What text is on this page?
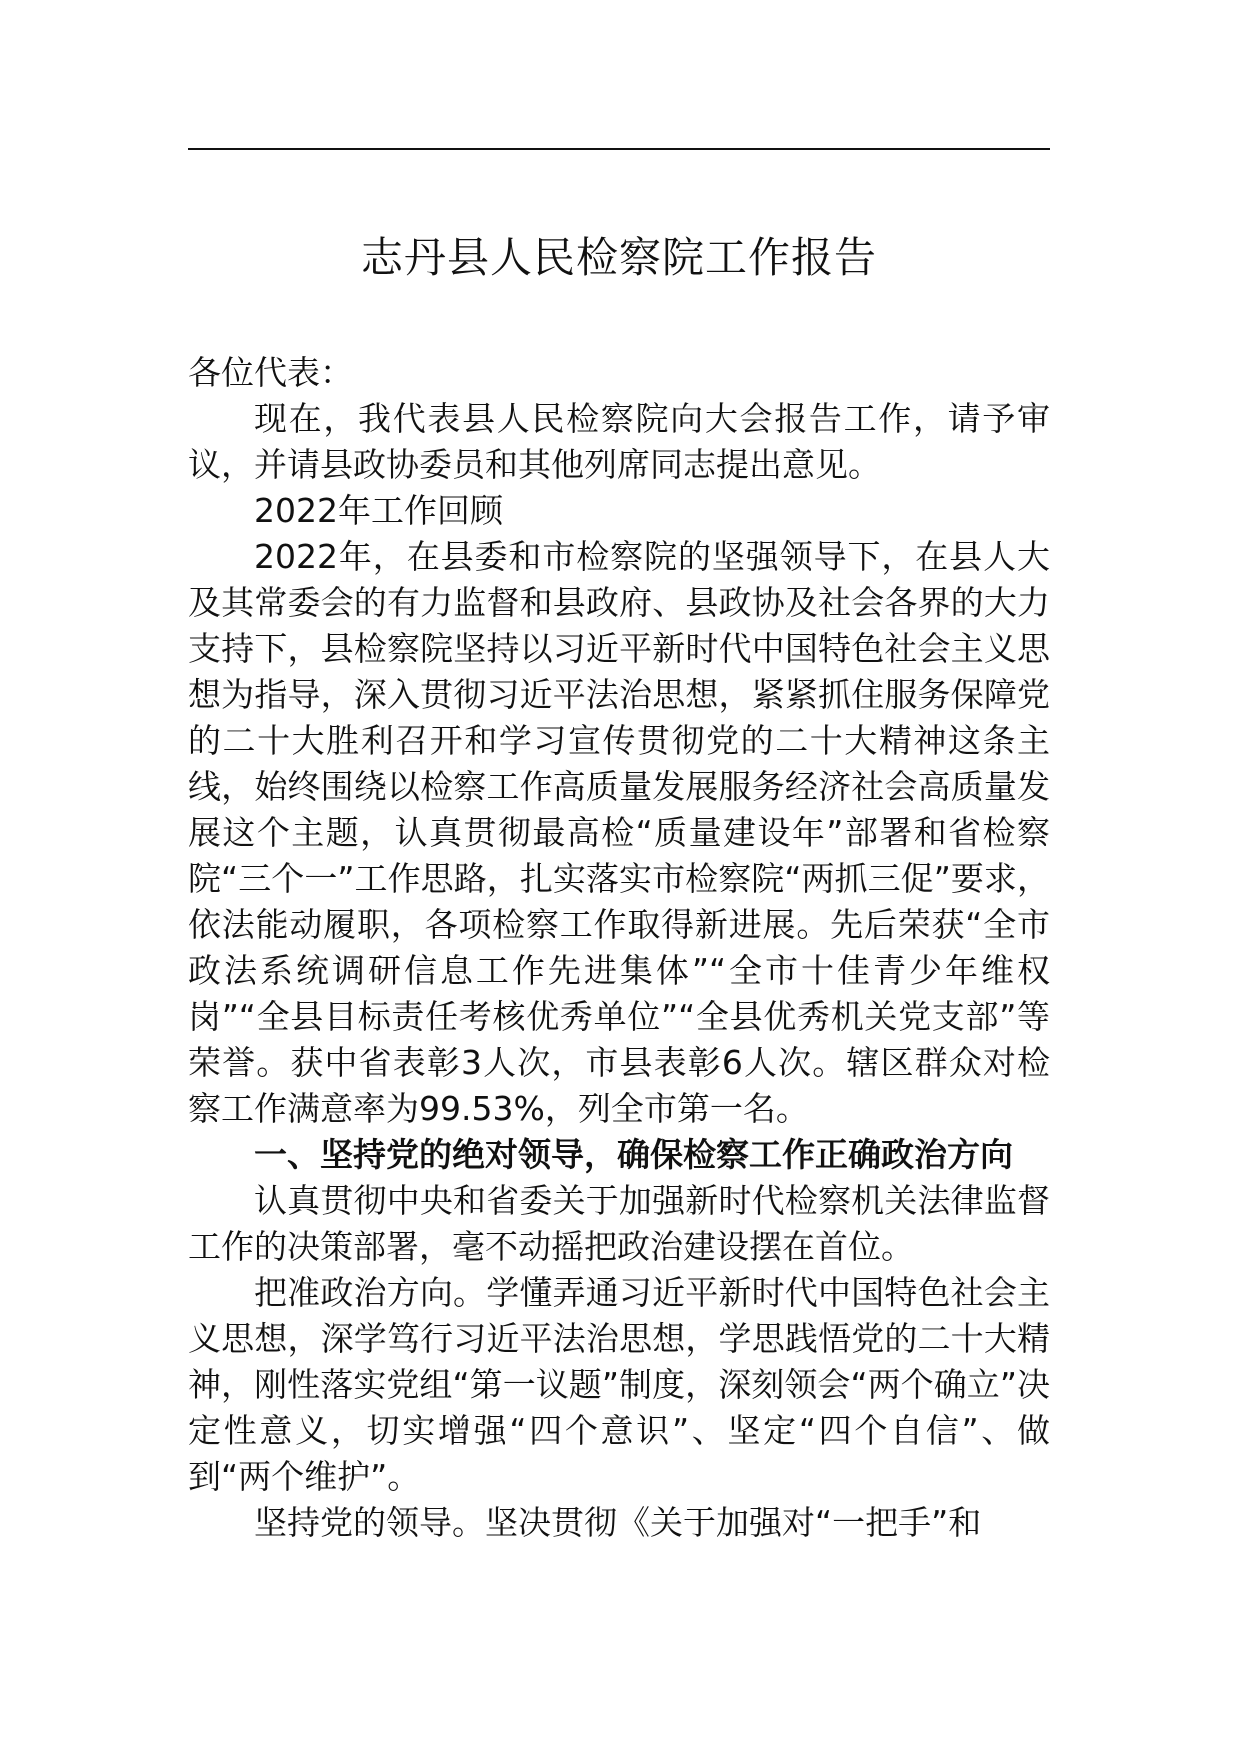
志丹县人民检察院工作报告

各位代表：

现在，我代表县人民检察院向大会报告工作，请予审议，并请县政协委员和其他列席同志提出意见。

2022年工作回顾

2022年，在县委和市检察院的坚强领导下，在县人大及其常委会的有力监督和县政府、县政协及社会各界的大力支持下，县检察院坚持以习近平新时代中国特色社会主义思想为指导，深入贯彻习近平法治思想，紧紧抓住服务保障党的二十大胜利召开和学习宣传贯彻党的二十大精神这条主线，始终围绕以检察工作高质量发展服务经济社会高质量发展这个主题，认真贯彻最高检“质量建设年”部署和省检察院“三个一”工作思路，扎实落实市检察院“两抓三促”要求，依法能动履职，各项检察工作取得新进展。先后荣获“全市政法系统调研信息工作先进集体”“全市十佳青少年维权岗”“全县目标责任考核优秀单位”“全县优秀机关党支部”等荣誉。获中省表彰3人次，市县表彰6人次。辖区群众对检察工作满意率为99.53%，列全市第一名。

一、坚持党的绝对领导，确保检察工作正确政治方向

认真贯彻中央和省委关于加强新时代检察机关法律监督工作的决策部署，毫不动摇把政治建设摆在首位。

把准政治方向。学懂弄通习近平新时代中国特色社会主义思想，深学笃行习近平法治思想，学思践悟党的二十大精神，刚性落实党组“第一议题”制度，深刻领会“两个确立”决定性意义，切实增强“四个意识”、坚定“四个自信”、做到“两个维护”。

坚持党的领导。坚决贯彻《关于加强对“一把手”和
